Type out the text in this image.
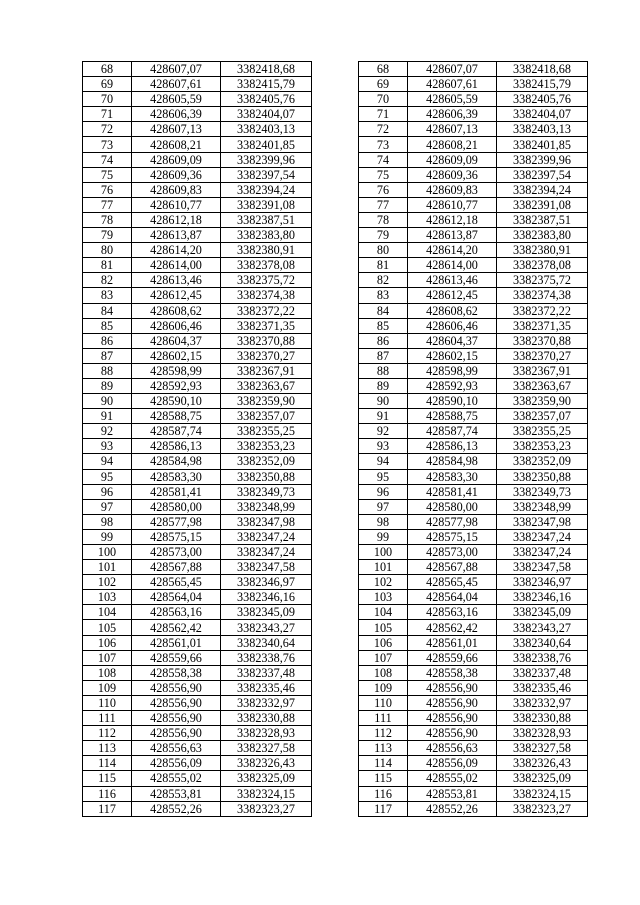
68	428607,07	3382418,68		68	428607,07	3382418,68
69	428607,61	3382415,79		69	428607,61	3382415,79
70	428605,59	3382405,76		70	428605,59	3382405,76
71	428606,39	3382404,07		71	428606,39	3382404,07
72	428607,13	3382403,13		72	428607,13	3382403,13
73	428608,21	3382401,85		73	428608,21	3382401,85
74	428609,09	3382399,96		74	428609,09	3382399,96
75	428609,36	3382397,54		75	428609,36	3382397,54
76	428609,83	3382394,24		76	428609,83	3382394,24
77	428610,77	3382391,08		77	428610,77	3382391,08
78	428612,18	3382387,51		78	428612,18	3382387,51
79	428613,87	3382383,80		79	428613,87	3382383,80
80	428614,20	3382380,91		80	428614,20	3382380,91
81	428614,00	3382378,08		81	428614,00	3382378,08
82	428613,46	3382375,72		82	428613,46	3382375,72
83	428612,45	3382374,38		83	428612,45	3382374,38
84	428608,62	3382372,22		84	428608,62	3382372,22
85	428606,46	3382371,35		85	428606,46	3382371,35
86	428604,37	3382370,88		86	428604,37	3382370,88
87	428602,15	3382370,27		87	428602,15	3382370,27
88	428598,99	3382367,91		88	428598,99	3382367,91
89	428592,93	3382363,67		89	428592,93	3382363,67
90	428590,10	3382359,90		90	428590,10	3382359,90
91	428588,75	3382357,07		91	428588,75	3382357,07
92	428587,74	3382355,25		92	428587,74	3382355,25
93	428586,13	3382353,23		93	428586,13	3382353,23
94	428584,98	3382352,09		94	428584,98	3382352,09
95	428583,30	3382350,88		95	428583,30	3382350,88
96	428581,41	3382349,73		96	428581,41	3382349,73
97	428580,00	3382348,99		97	428580,00	3382348,99
98	428577,98	3382347,98		98	428577,98	3382347,98
99	428575,15	3382347,24		99	428575,15	3382347,24
100	428573,00	3382347,24		100	428573,00	3382347,24
101	428567,88	3382347,58		101	428567,88	3382347,58
102	428565,45	3382346,97		102	428565,45	3382346,97
103	428564,04	3382346,16		103	428564,04	3382346,16
104	428563,16	3382345,09		104	428563,16	3382345,09
105	428562,42	3382343,27		105	428562,42	3382343,27
106	428561,01	3382340,64		106	428561,01	3382340,64
107	428559,66	3382338,76		107	428559,66	3382338,76
108	428558,38	3382337,48		108	428558,38	3382337,48
109	428556,90	3382335,46		109	428556,90	3382335,46
110	428556,90	3382332,97		110	428556,90	3382332,97
111	428556,90	3382330,88		111	428556,90	3382330,88
112	428556,90	3382328,93		112	428556,90	3382328,93
113	428556,63	3382327,58		113	428556,63	3382327,58
114	428556,09	3382326,43		114	428556,09	3382326,43
115	428555,02	3382325,09		115	428555,02	3382325,09
116	428553,81	3382324,15		116	428553,81	3382324,15
117	428552,26	3382323,27		117	428552,26	3382323,27
